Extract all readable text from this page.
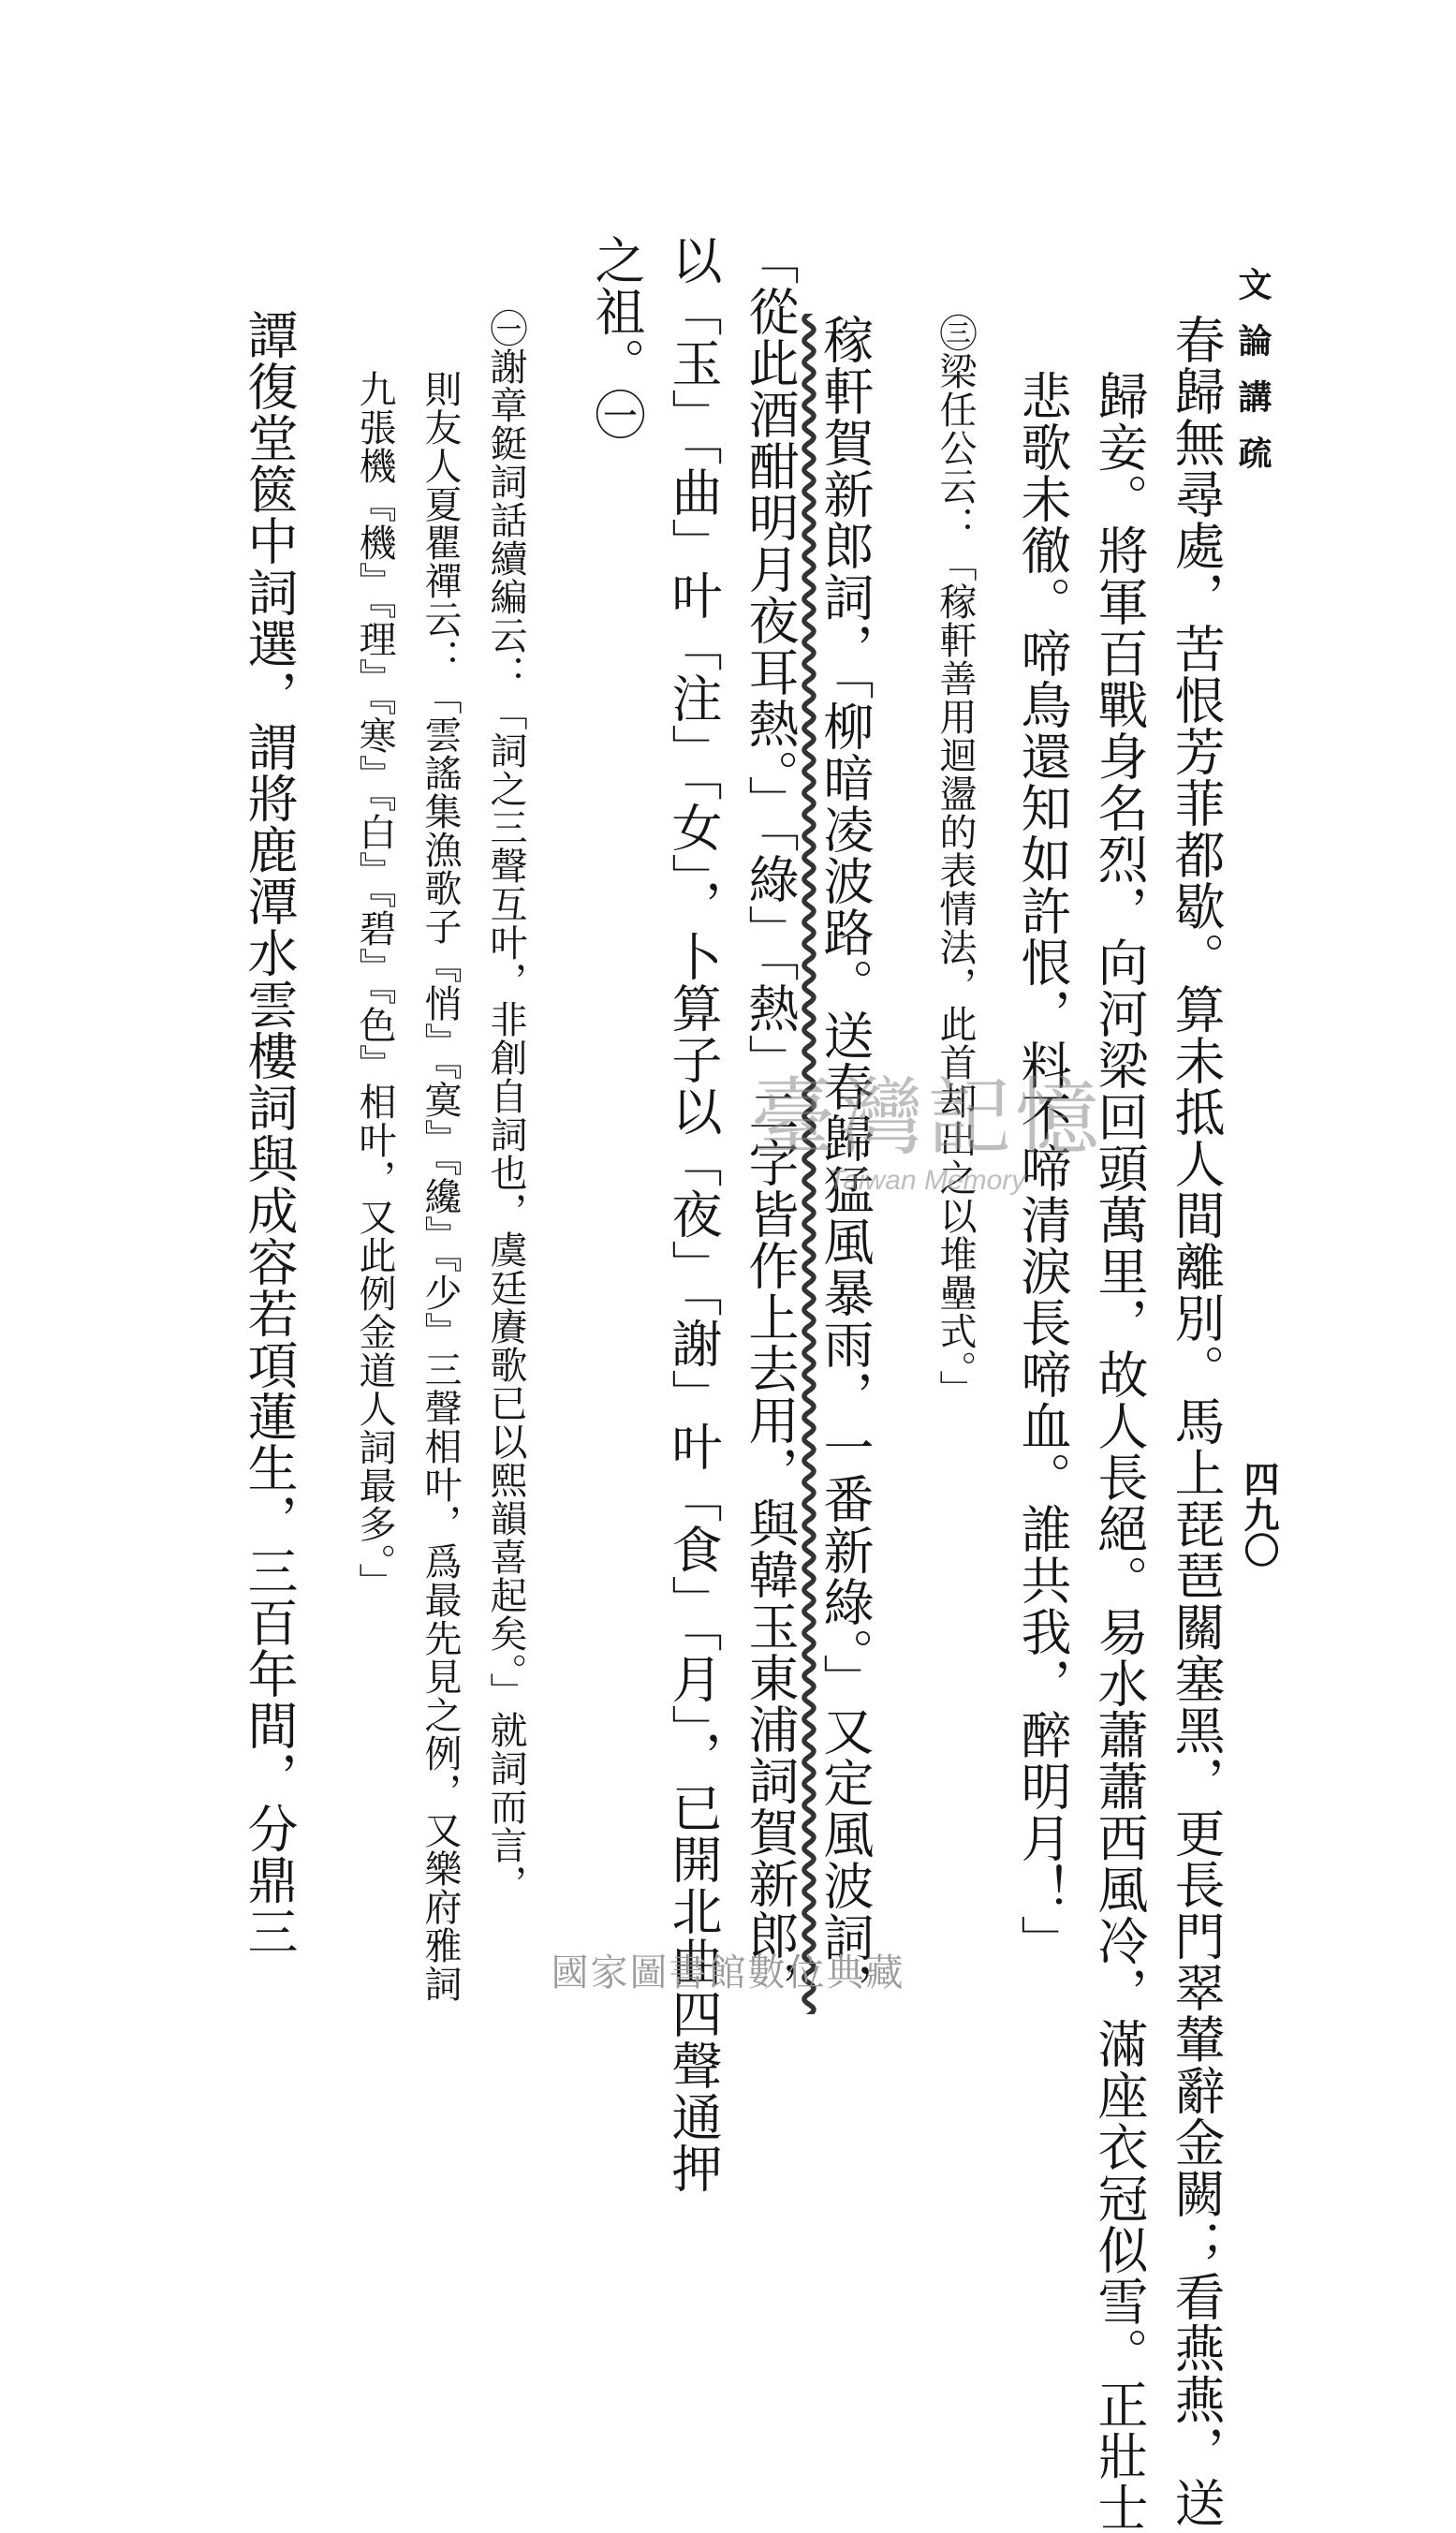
文論講疏
四九〇
春歸無尋處，苦恨芳菲都歇。算未抵人間離別。馬上琵琶關塞黑，更長門翠輦辭金闕；看燕燕，送
歸妾。將軍百戰身名烈，向河梁回頭萬里，故人長絕。易水蕭蕭西風冷，滿座衣冠似雪。正壯士
悲歌未徹。啼鳥還知如許恨，料不啼清淚長啼血。誰共我，醉明月！」
㊂梁任公云：「稼軒善用迴盪的表情法，此首却出之以堆壘式。」
稼軒賀新郎詞，「柳暗凌波路。送春歸猛風暴雨，一番新綠。」又定風波詞，
「從此酒酣明月夜耳熱。」「綠」「熱」二字皆作上去用，與韓玉東浦詞賀新郎，
以「玉」「曲」叶「注」「女」，卜算子以「夜」「謝」叶「食」「月」，已開北曲四聲通押
之祖。㊀
㊀謝章鋌詞話續編云：「詞之三聲互叶，非創自詞也，虞廷賡歌已以熙韻喜起矣。」就詞而言，
則友人夏瞿禪云：「雲謠集漁歌子『悄』『寞』『纔』『少』三聲相叶，爲最先見之例，又樂府雅詞
九張機『機』『理』『寒』『白』『碧』『色』相叶，又此例金道人詞最多。」
譚復堂篋中詞選，謂將鹿潭水雲樓詞與成容若項蓮生，三百年間，分鼎三	臺灣記憶
Taiwan Memory
國家圖書館數位典藏
